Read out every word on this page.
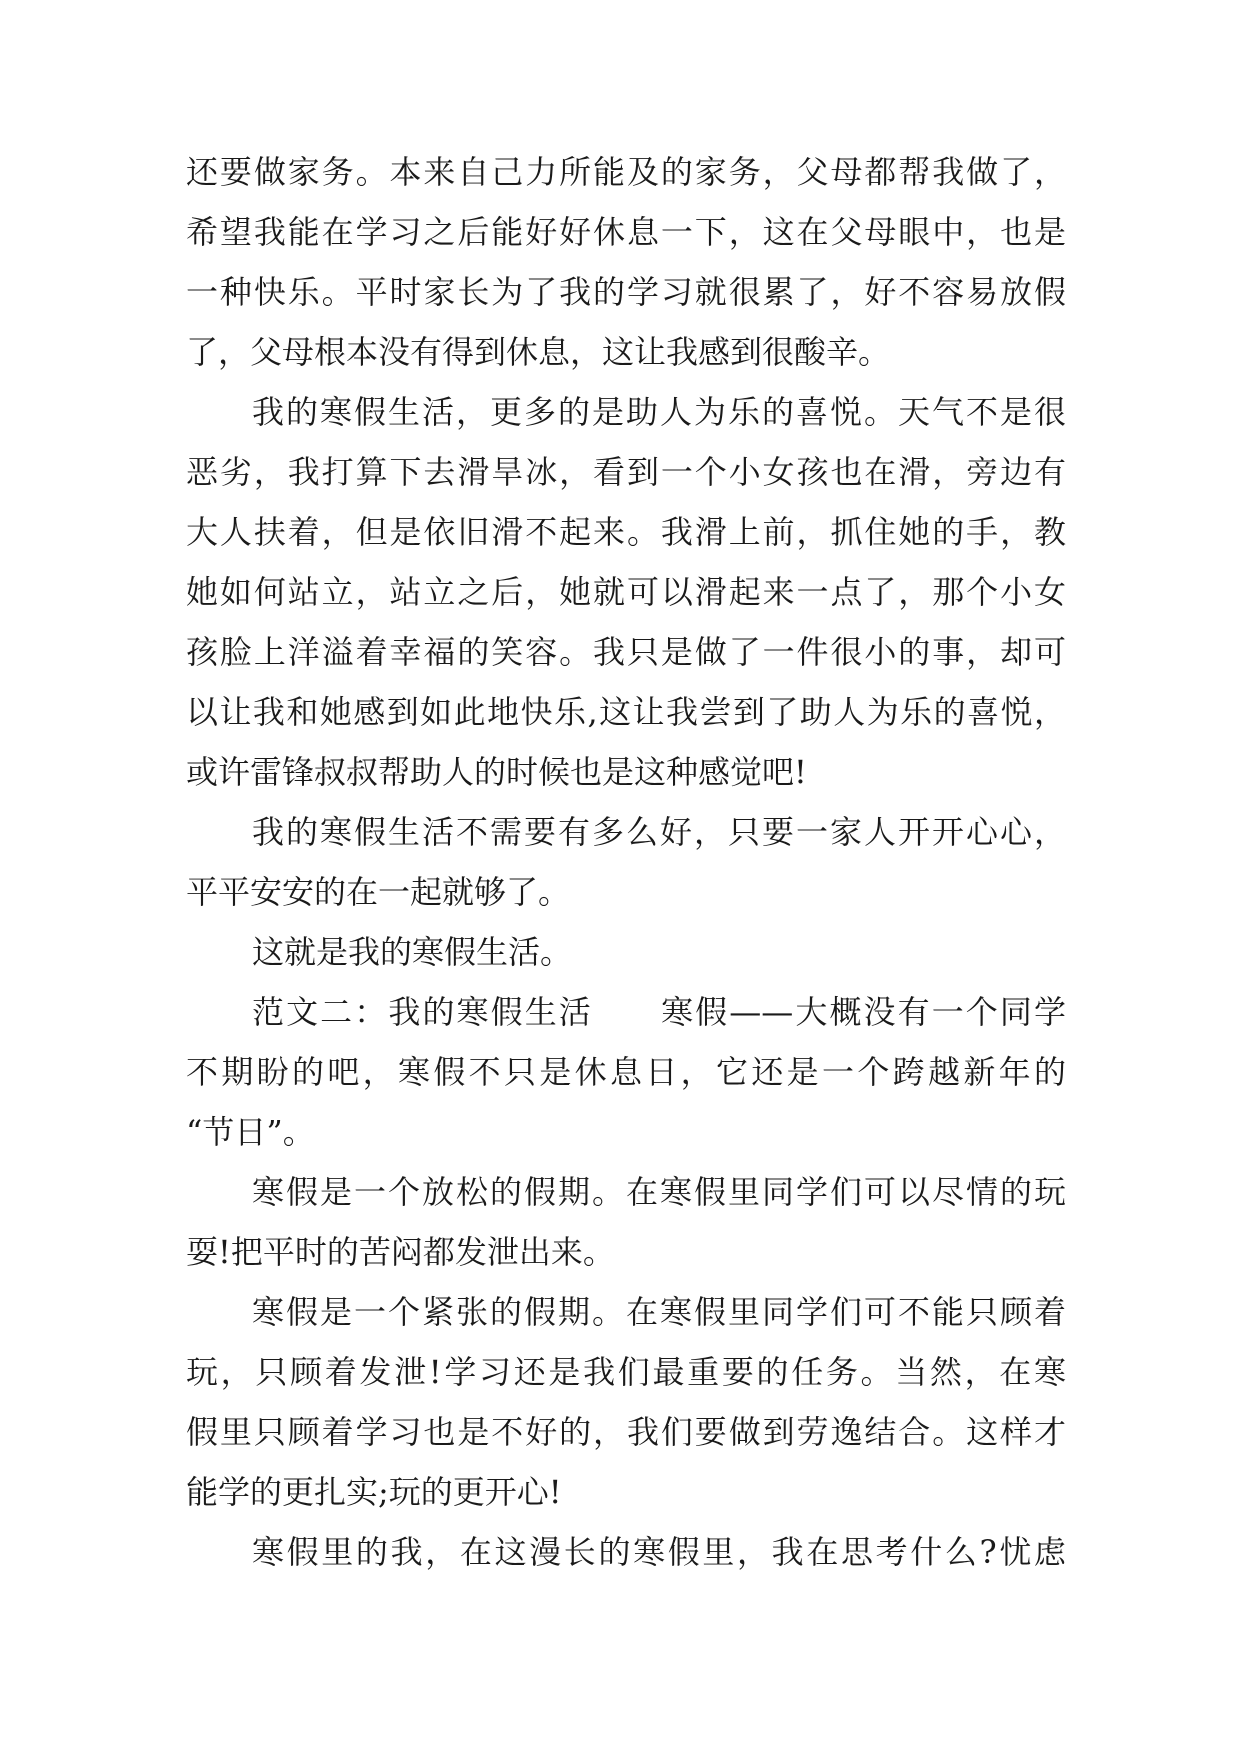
还要做家务。本来自己力所能及的家务，父母都帮我做了，
希望我能在学习之后能好好休息一下，这在父母眼中，也是
一种快乐。平时家长为了我的学习就很累了，好不容易放假
了，父母根本没有得到休息，这让我感到很酸辛。
我的寒假生活，更多的是助人为乐的喜悦。天气不是很
恶劣，我打算下去滑旱冰，看到一个小女孩也在滑，旁边有
大人扶着，但是依旧滑不起来。我滑上前，抓住她的手，教
她如何站立，站立之后，她就可以滑起来一点了，那个小女
孩脸上洋溢着幸福的笑容。我只是做了一件很小的事，却可
以让我和她感到如此地快乐,这让我尝到了助人为乐的喜悦，
或许雷锋叔叔帮助人的时候也是这种感觉吧!
我的寒假生活不需要有多么好，只要一家人开开心心，
平平安安的在一起就够了。
这就是我的寒假生活。
范文二：我的寒假生活　　寒假——大概没有一个同学
不期盼的吧，寒假不只是休息日，它还是一个跨越新年的
“节日”。
寒假是一个放松的假期。在寒假里同学们可以尽情的玩
耍!把平时的苦闷都发泄出来。
寒假是一个紧张的假期。在寒假里同学们可不能只顾着
玩，只顾着发泄!学习还是我们最重要的任务。当然，在寒
假里只顾着学习也是不好的，我们要做到劳逸结合。这样才
能学的更扎实;玩的更开心!
寒假里的我，在这漫长的寒假里，我在思考什么?忧虑
